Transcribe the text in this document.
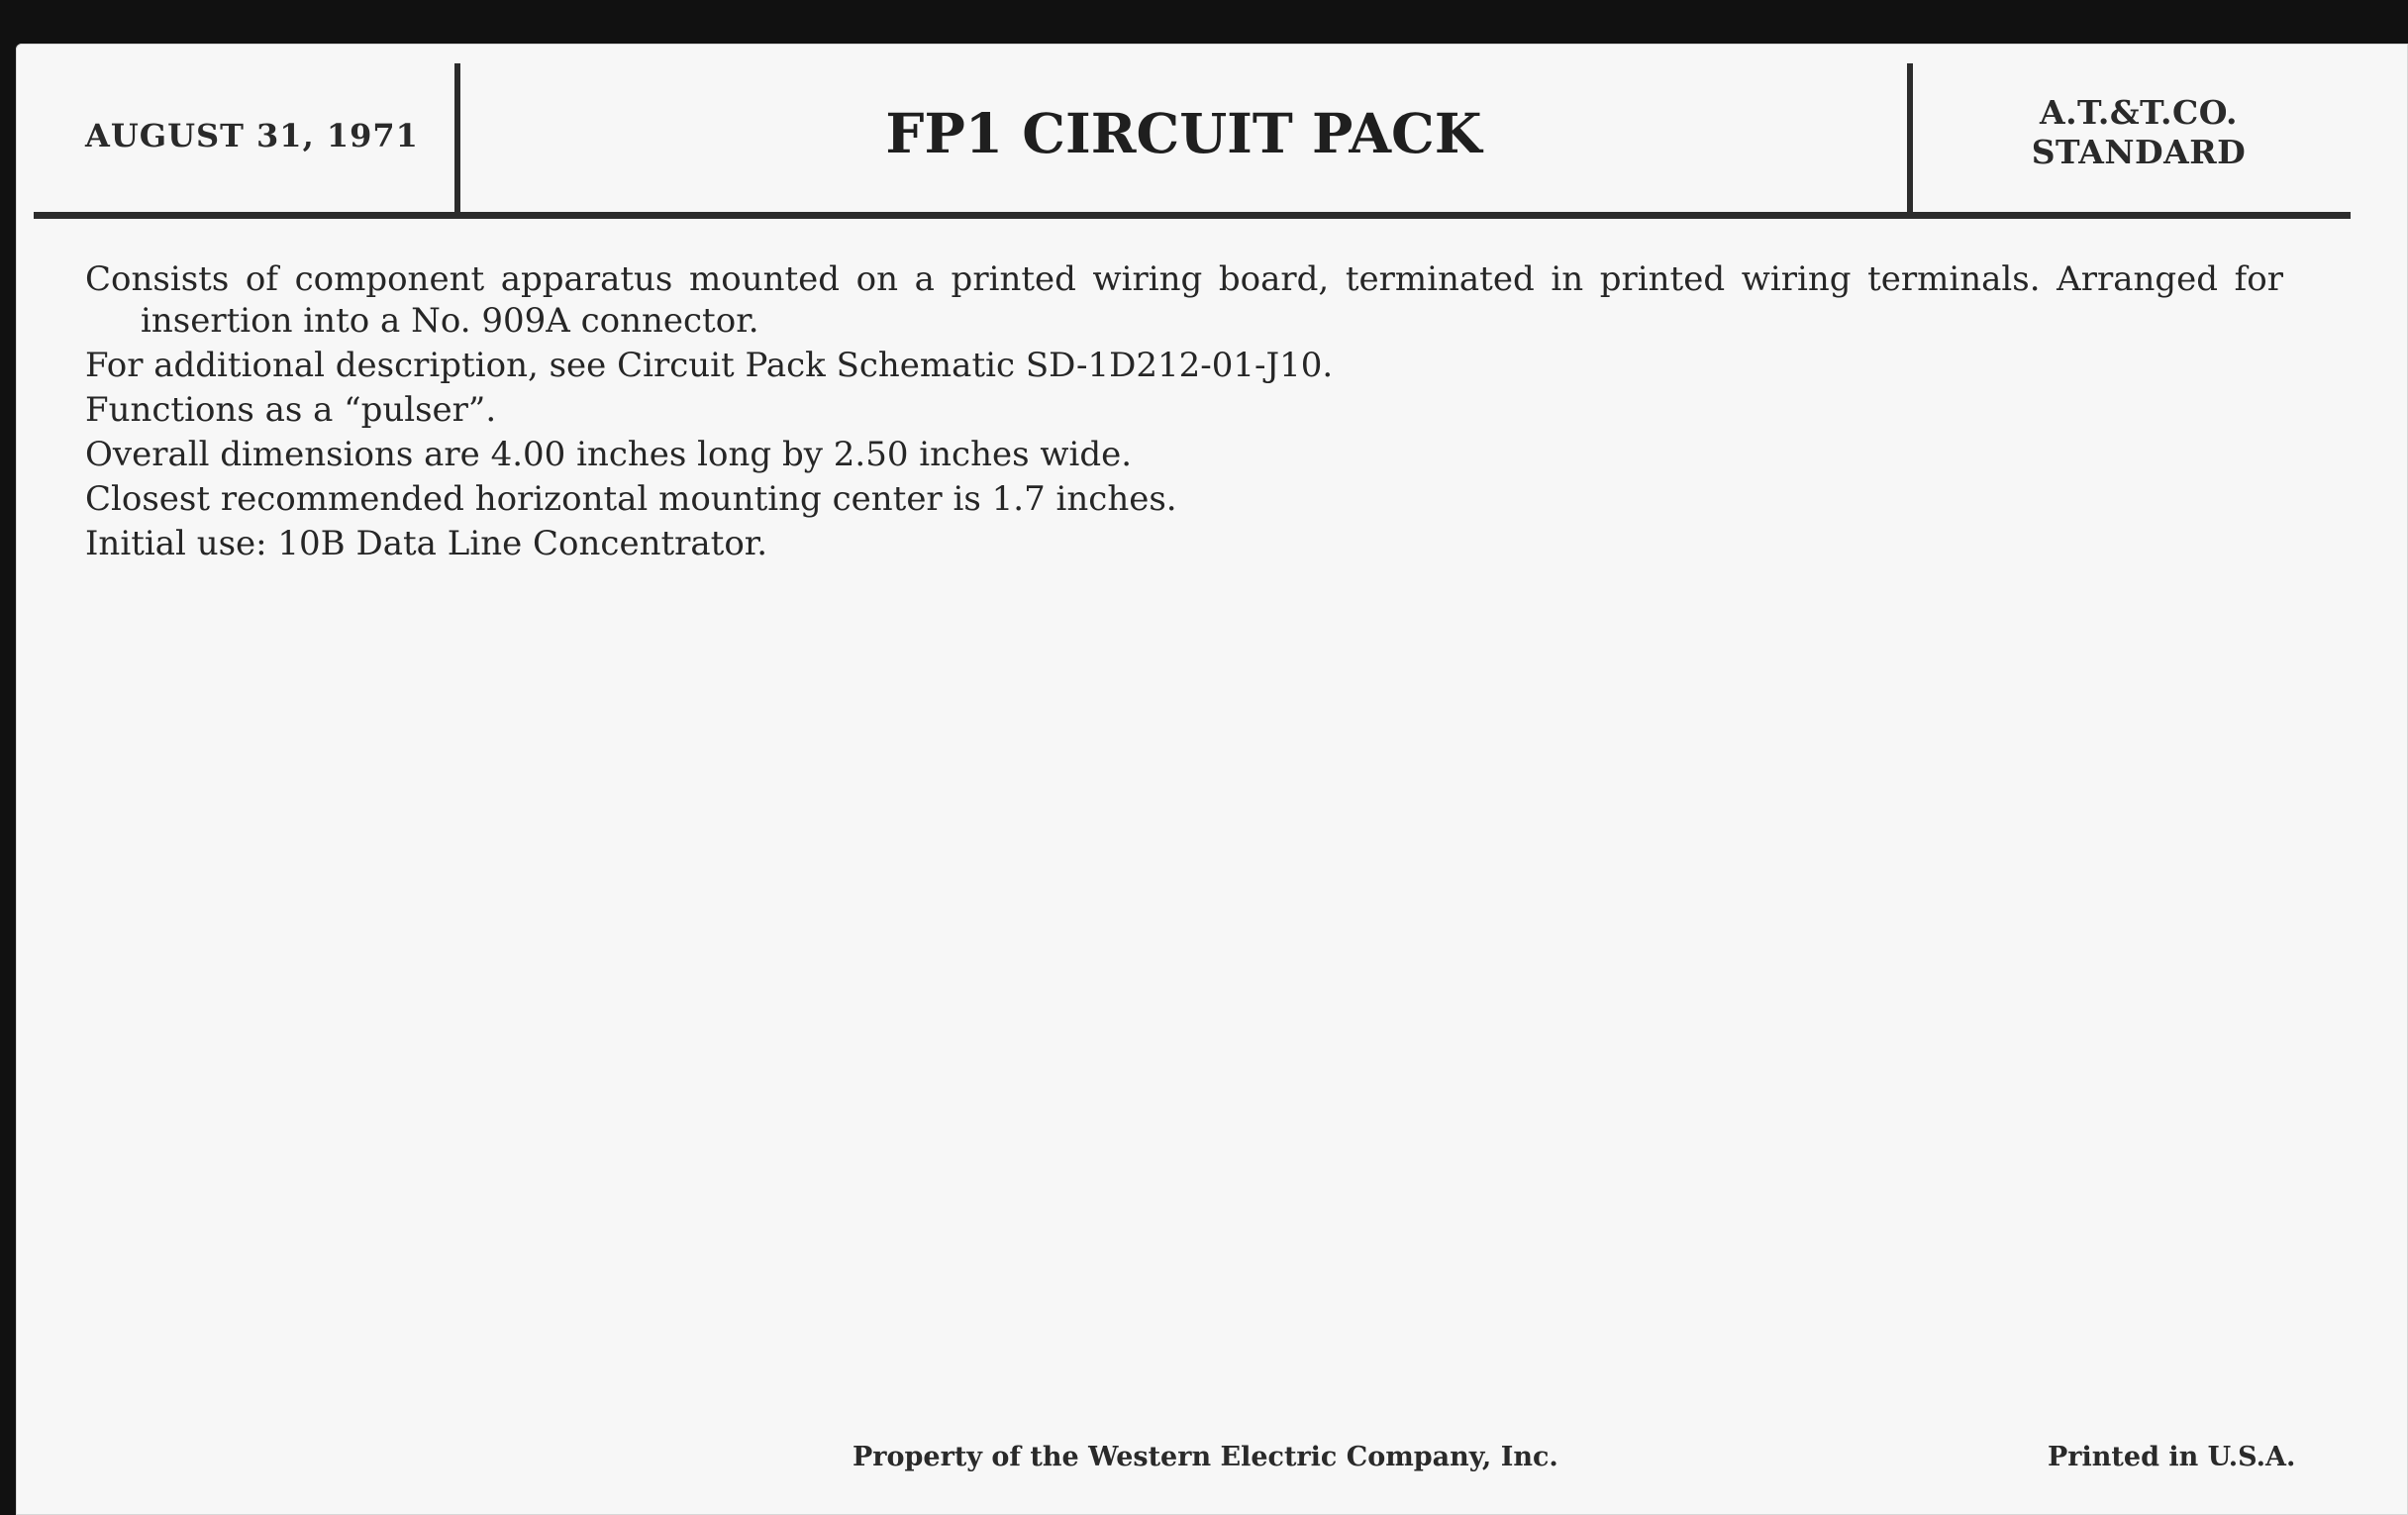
AUGUST 31, 1971	FP1 CIRCUIT PACK	A.T.&T.CO.
STANDARD
Consists of component apparatus mounted on a printed wiring board, terminated in printed wiring terminals. Arranged for insertion into a No. 909A connector.
For additional description, see Circuit Pack Schematic SD-1D212-01-J10.
Functions as a “pulser”.
Overall dimensions are 4.00 inches long by 2.50 inches wide.
Closest recommended horizontal mounting center is 1.7 inches.
Initial use: 10B Data Line Concentrator.
Property of the Western Electric Company, Inc.	Printed in U.S.A.
